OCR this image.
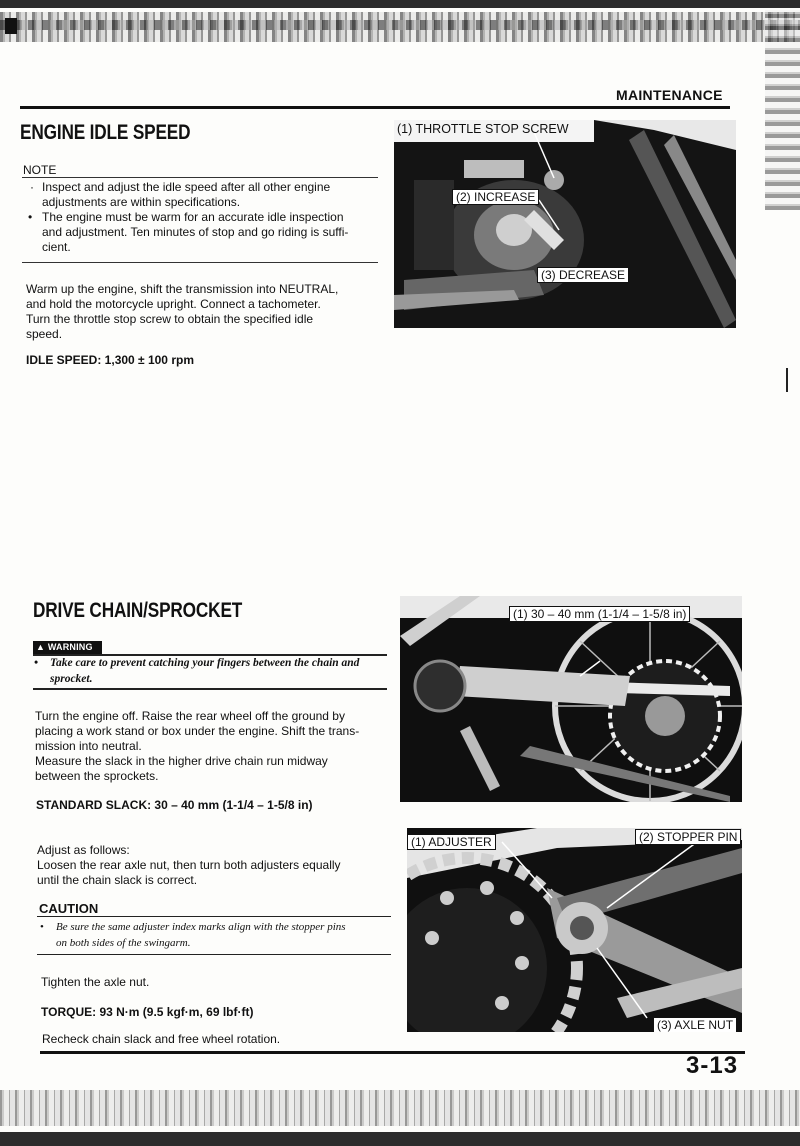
MAINTENANCE
ENGINE IDLE SPEED
NOTE
· Inspect and adjust the idle speed after all other engine
adjustments are within specifications.
• The engine must be warm for an accurate idle inspection
and adjustment. Ten minutes of stop and go riding is suffi-
cient.
Warm up the engine, shift the transmission into NEUTRAL,
and hold the motorcycle upright. Connect a tachometer.
Turn the throttle stop screw to obtain the specified idle
speed.
IDLE SPEED: 1,300 ± 100 rpm
(1) THROTTLE STOP SCREW
(2) INCREASE
(3) DECREASE
DRIVE CHAIN/SPROCKET
▲ WARNING
• Take care to prevent catching your fingers between the chain and
sprocket.
Turn the engine off. Raise the rear wheel off the ground by
placing a work stand or box under the engine. Shift the trans-
mission into neutral.
Measure the slack in the higher drive chain run midway
between the sprockets.
STANDARD SLACK: 30 – 40 mm (1-1/4 – 1-5/8 in)
Adjust as follows:
Loosen the rear axle nut, then turn both adjusters equally
until the chain slack is correct.
CAUTION
• Be sure the same adjuster index marks align with the stopper pins
on both sides of the swingarm.
Tighten the axle nut.
TORQUE: 93 N·m (9.5 kgf·m, 69 lbf·ft)
Recheck chain slack and free wheel rotation.
(1) 30 – 40 mm (1-1/4 – 1-5/8 in)
(1) ADJUSTER	(2) STOPPER PIN
(3) AXLE NUT
3-13
